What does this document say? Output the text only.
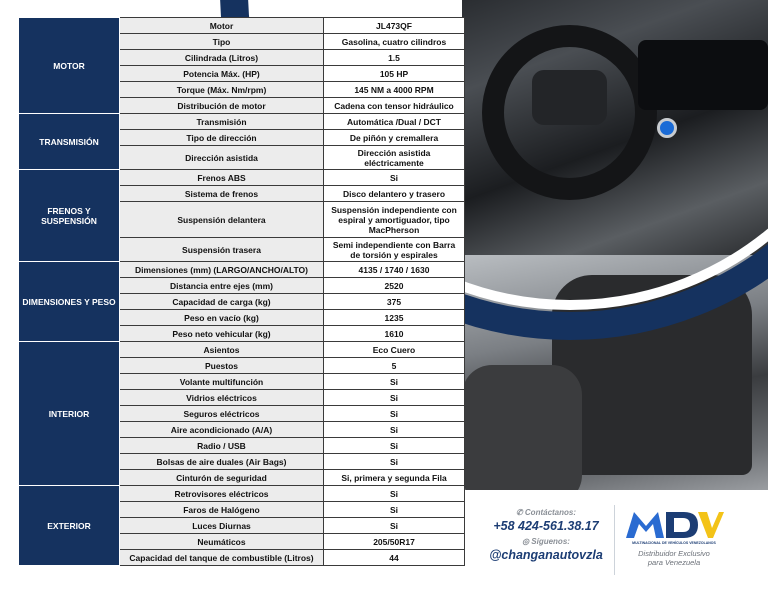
MOTOR	Motor	JL473QF
	Tipo	Gasolina, cuatro cilindros
	Cilindrada (Litros)	1.5
	Potencia Máx. (HP)	105 HP
	Torque (Máx. Nm/rpm)	145 NM a 4000 RPM
	Distribución de motor	Cadena con tensor hidráulico
TRANSMISIÓN	Transmisión	Automática /Dual / DCT
	Tipo de dirección	De piñón y cremallera
	Dirección asistida	Dirección asistida eléctricamente
FRENOS Y SUSPENSIÓN	Frenos ABS	Si
	Sistema de frenos	Disco delantero y trasero
	Suspensión delantera	Suspensión independiente con espiral y amortiguador, tipo MacPherson
	Suspensión trasera	Semi independiente con Barra de torsión y espirales
DIMENSIONES Y PESO	Dimensiones (mm) (LARGO/ANCHO/ALTO)	4135 / 1740 / 1630
	Distancia entre ejes (mm)	2520
	Capacidad de carga (kg)	375
	Peso en vacío (kg)	1235
	Peso neto vehicular (kg)	1610
INTERIOR	Asientos	Eco Cuero
	Puestos	5
	Volante multifunción	Si
	Vidrios eléctricos	Si
	Seguros eléctricos	Si
	Aire acondicionado (A/A)	Si
	Radio / USB	Si
	Bolsas de aire duales (Air Bags)	Si
	Cinturón de seguridad	Si, primera y segunda Fila
EXTERIOR	Retrovisores eléctricos	Si
	Faros de Halógeno	Si
	Luces Diurnas	Si
	Neumáticos	205/50R17
	Capacidad del tanque de combustible (Litros)	44
✆ Contáctanos:
+58 424-561.38.17
◎ Síguenos:
@changanautovzla
MULTINACIONAL DE VEHÍCULOS VENEZOLANOS
Distribuidor Exclusivo
para Venezuela
